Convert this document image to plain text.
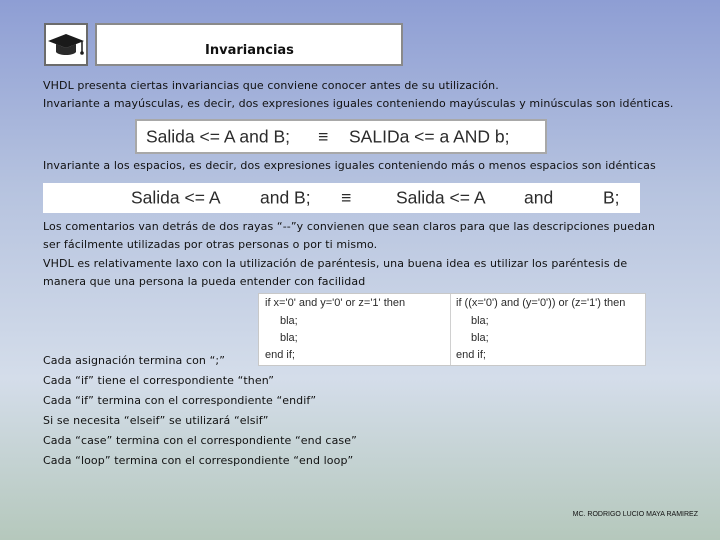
Invariancias
VHDL presenta ciertas invariancias que conviene conocer antes de su utilización.
Invariante a mayúsculas, es decir, dos expresiones iguales conteniendo mayúsculas y minúsculas son idénticas.
Salida <= A and B; ≡ SALIDa <= a AND b;
Invariante a los espacios, es decir, dos expresiones iguales conteniendo más o menos espacios son idénticas
Salida <= A and B; ≡	Salida <= A and	B;
Los comentarios van detrás de dos rayas “--”y convienen que sean claros para que las descripciones puedan
ser fácilmente utilizadas por otras personas o por ti mismo.
VHDL es relativamente laxo con la utilización de paréntesis, una buena idea es utilizar los paréntesis de
manera que una persona la pueda entender con facilidad
if x='0' and y='0' or z='1' then
bla;
bla;
end if;
if ((x='0') and (y='0')) or (z='1') then
bla;
bla;
end if;
Cada asignación termina con “;”
Cada “if” tiene el correspondiente “then”
Cada “if” termina con el correspondiente “endif”
Si se necesita “elseif” se utilizará “elsif”
Cada “case” termina con el correspondiente “end case”
Cada “loop” termina con el correspondiente “end loop”
MC. RODRIGO LUCIO MAYA RAMIREZ
